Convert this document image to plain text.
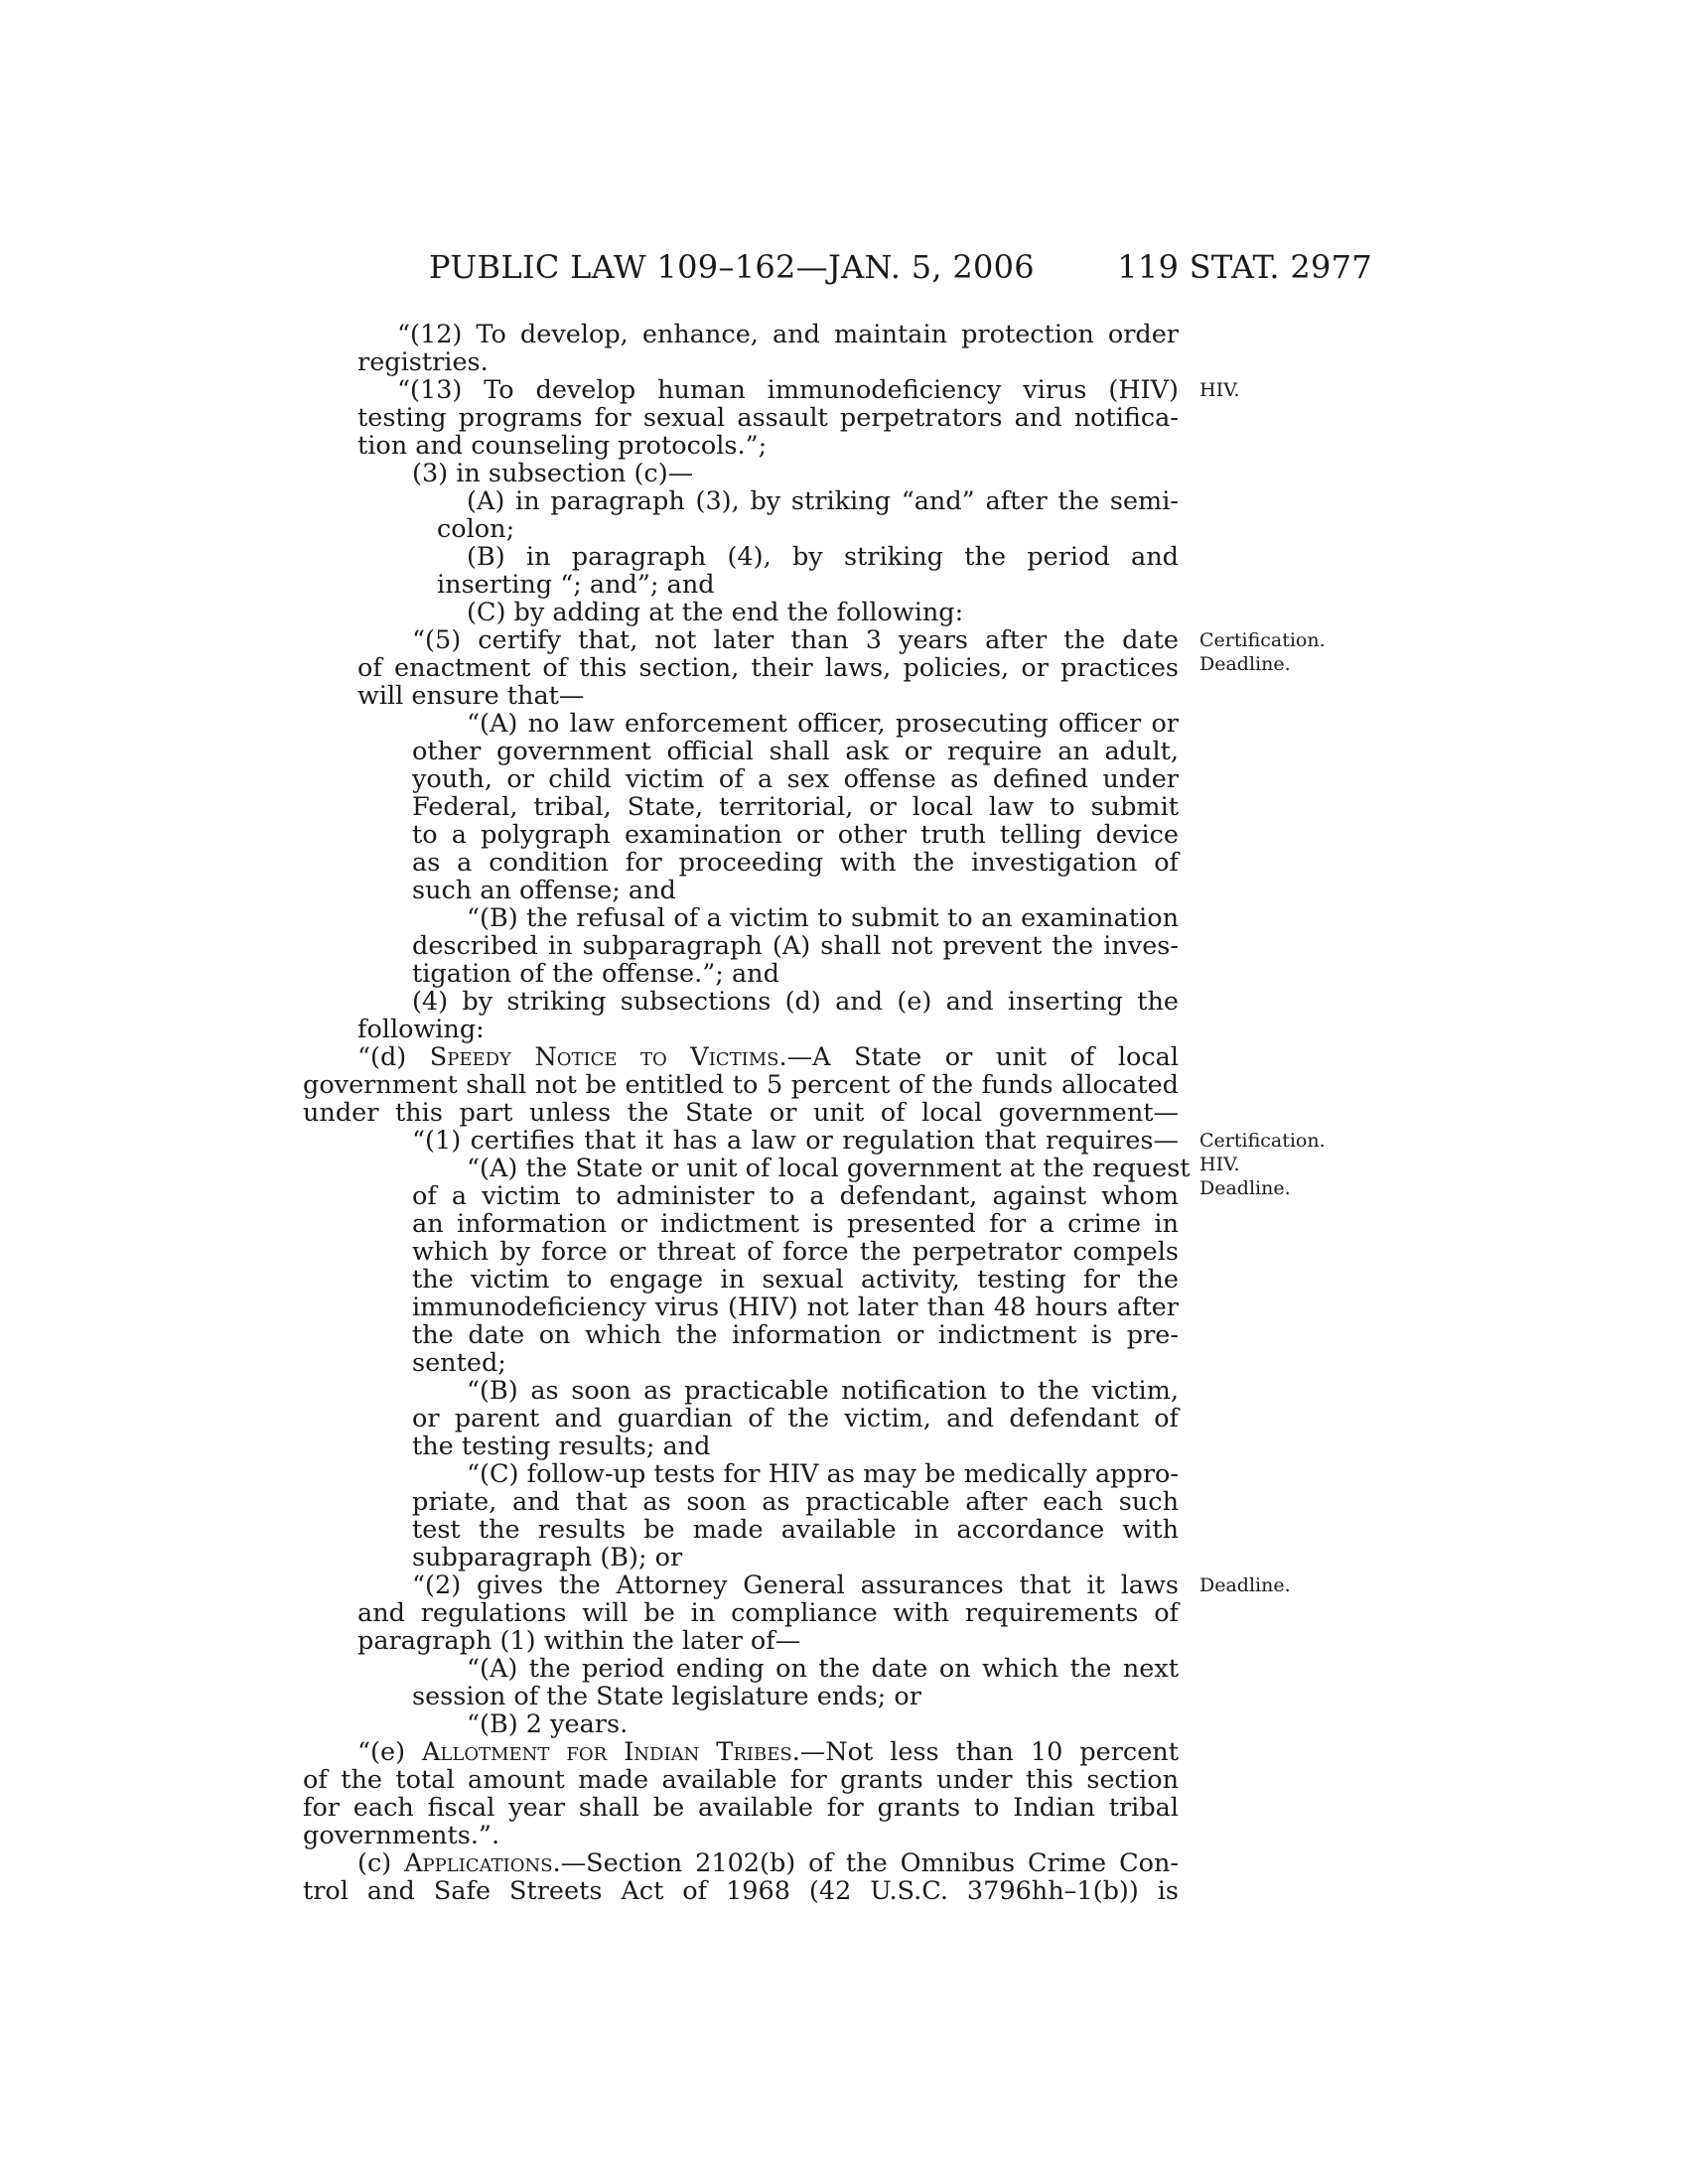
PUBLIC LAW 109–162—JAN. 5, 2006	119 STAT. 2977
“(12) To develop, enhance, and maintain protection order
registries.
“(13) To develop human immunodeficiency virus (HIV)
testing programs for sexual assault perpetrators and notifica-
tion and counseling protocols.”;
(3) in subsection (c)—
(A) in paragraph (3), by striking “and” after the semi-
colon;
(B) in paragraph (4), by striking the period and
inserting “; and”; and
(C) by adding at the end the following:
“(5) certify that, not later than 3 years after the date
of enactment of this section, their laws, policies, or practices
will ensure that—
“(A) no law enforcement officer, prosecuting officer or
other government official shall ask or require an adult,
youth, or child victim of a sex offense as defined under
Federal, tribal, State, territorial, or local law to submit
to a polygraph examination or other truth telling device
as a condition for proceeding with the investigation of
such an offense; and
“(B) the refusal of a victim to submit to an examination
described in subparagraph (A) shall not prevent the inves-
tigation of the offense.”; and
(4) by striking subsections (d) and (e) and inserting the
following:
“(d) Speedy Notice to Victims.—A State or unit of local
government shall not be entitled to 5 percent of the funds allocated
under this part unless the State or unit of local government—
“(1) certifies that it has a law or regulation that requires—
“(A) the State or unit of local government at the request
of a victim to administer to a defendant, against whom
an information or indictment is presented for a crime in
which by force or threat of force the perpetrator compels
the victim to engage in sexual activity, testing for the
immunodeficiency virus (HIV) not later than 48 hours after
the date on which the information or indictment is pre-
sented;
“(B) as soon as practicable notification to the victim,
or parent and guardian of the victim, and defendant of
the testing results; and
“(C) follow-up tests for HIV as may be medically appro-
priate, and that as soon as practicable after each such
test the results be made available in accordance with
subparagraph (B); or
“(2) gives the Attorney General assurances that it laws
and regulations will be in compliance with requirements of
paragraph (1) within the later of—
“(A) the period ending on the date on which the next
session of the State legislature ends; or
“(B) 2 years.
“(e) Allotment for Indian Tribes.—Not less than 10 percent
of the total amount made available for grants under this section
for each fiscal year shall be available for grants to Indian tribal
governments.”.
(c) Applications.—Section 2102(b) of the Omnibus Crime Con-
trol and Safe Streets Act of 1968 (42 U.S.C. 3796hh–1(b)) is
HIV.
Certification.
Deadline.
Certification.
HIV.
Deadline.
Deadline.
